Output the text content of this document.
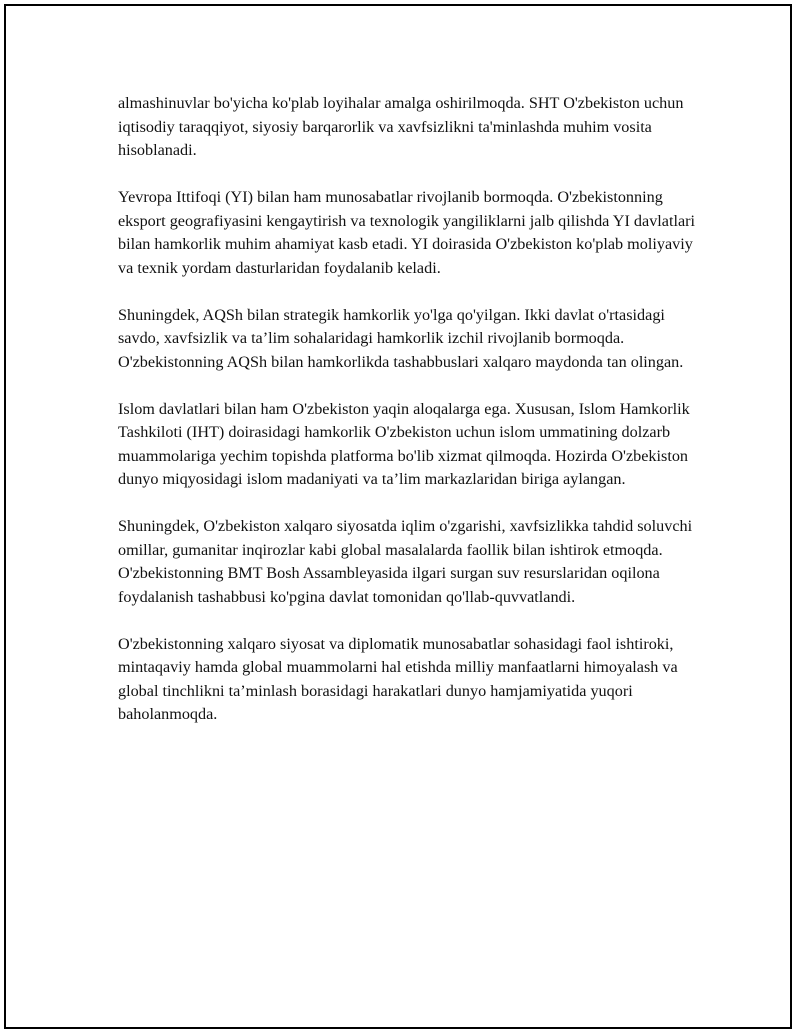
almashinuvlar bo'yicha ko'plab loyihalar amalga oshirilmoqda. SHT O'zbekiston uchun iqtisodiy taraqqiyot, siyosiy barqarorlik va xavfsizlikni ta'minlashda muhim vosita hisoblanadi.

Yevropa Ittifoqi (YI) bilan ham munosabatlar rivojlanib bormoqda. O'zbekistonning eksport geografiyasini kengaytirish va texnologik yangiliklarni jalb qilishda YI davlatlari bilan hamkorlik muhim ahamiyat kasb etadi. YI doirasida O'zbekiston ko'plab moliyaviy va texnik yordam dasturlaridan foydalanib keladi.

Shuningdek, AQSh bilan strategik hamkorlik yo'lga qo'yilgan. Ikki davlat o'rtasidagi savdo, xavfsizlik va ta’lim sohalaridagi hamkorlik izchil rivojlanib bormoqda. O'zbekistonning AQSh bilan hamkorlikda tashabbuslari xalqaro maydonda tan olingan.

Islom davlatlari bilan ham O'zbekiston yaqin aloqalarga ega. Xususan, Islom Hamkorlik Tashkiloti (IHT) doirasidagi hamkorlik O'zbekiston uchun islom ummatining dolzarb muammolariga yechim topishda platforma bo'lib xizmat qilmoqda. Hozirda O'zbekiston dunyo miqyosidagi islom madaniyati va ta’lim markazlaridan biriga aylangan.

Shuningdek, O'zbekiston xalqaro siyosatda iqlim o'zgarishi, xavfsizlikka tahdid soluvchi omillar, gumanitar inqirozlar kabi global masalalarda faollik bilan ishtirok etmoqda. O'zbekistonning BMT Bosh Assambleyasida ilgari surgan suv resurslaridan oqilona foydalanish tashabbusi ko'pgina davlat tomonidan qo'llab-quvvatlandi.

O'zbekistonning xalqaro siyosat va diplomatik munosabatlar sohasidagi faol ishtiroki, mintaqaviy hamda global muammolarni hal etishda milliy manfaatlarni himoyalash va global tinchlikni ta’minlash borasidagi harakatlari dunyo hamjamiyatida yuqori baholanmoqda.
